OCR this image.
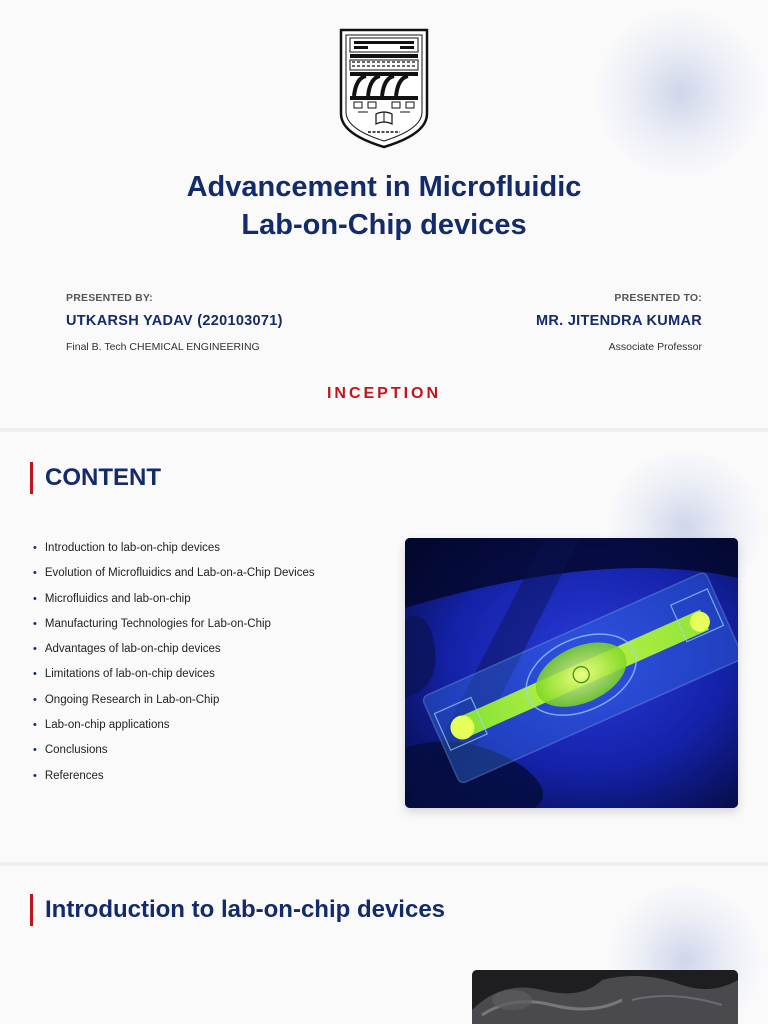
Advancement in Microfluidic
Lab-on-Chip devices
PRESENTED BY:
UTKARSH YADAV (220103071)
Final B. Tech CHEMICAL ENGINEERING
PRESENTED TO:
MR. JITENDRA KUMAR
Associate Professor
INCEPTION
CONTENT
• Introduction to lab-on-chip devices
• Evolution of Microfluidics and Lab-on-a-Chip Devices
• Microfluidics and lab-on-chip
• Manufacturing Technologies for Lab-on-Chip
• Advantages of lab-on-chip devices
• Limitations of lab-on-chip devices
• Ongoing Research in Lab-on-Chip
• Lab-on-chip applications
• Conclusions
• References
Introduction to lab-on-chip devices
